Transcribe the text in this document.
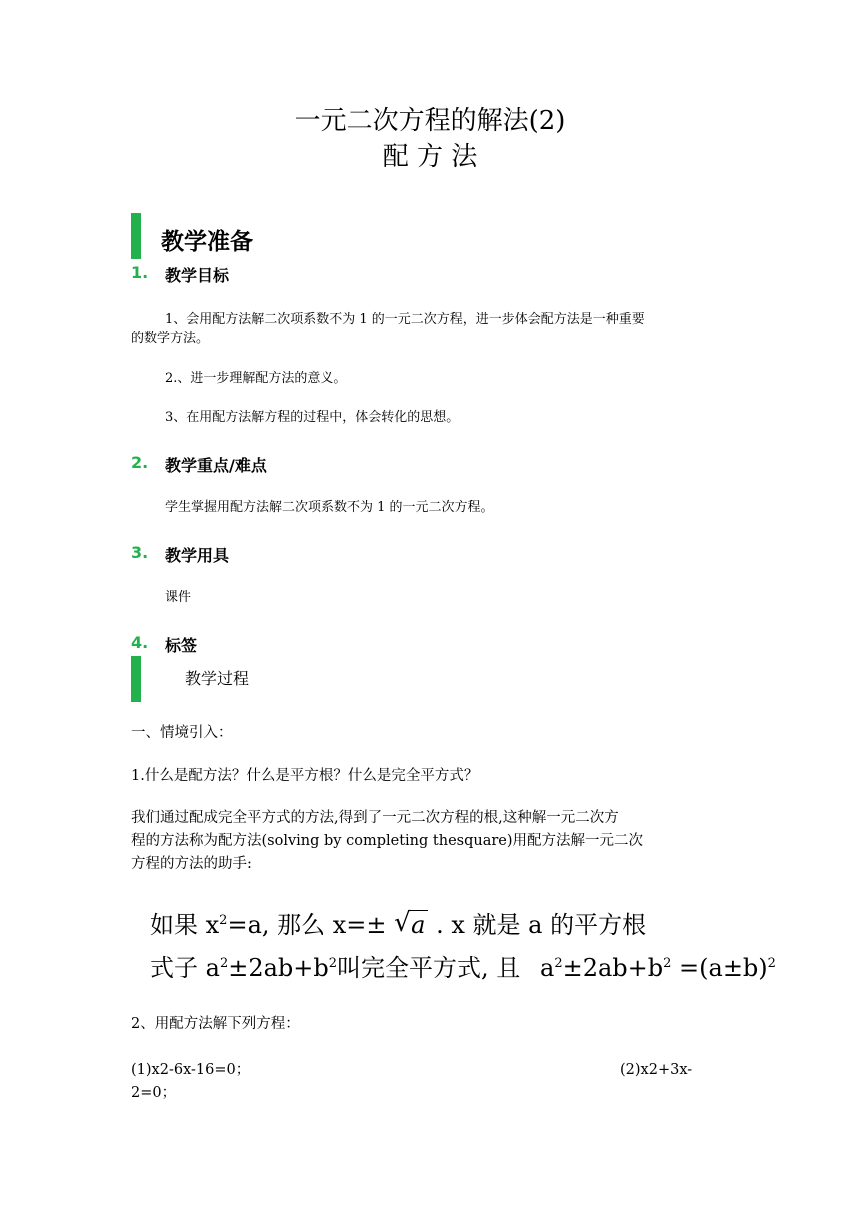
一元二次方程的解法(2)
配 方 法
教学准备
1. 教学目标
1、会用配方法解二次项系数不为 1 的一元二次方程，进一步体会配方法是一种重要
的数学方法。
2.、进一步理解配方法的意义。
3、在用配方法解方程的过程中，体会转化的思想。
2. 教学重点/难点
学生掌握用配方法解二次项系数不为 1 的一元二次方程。
3. 教学用具
课件
4. 标签
教学过程
一、情境引入：
1.什么是配方法？什么是平方根？什么是完全平方式？
我们通过配成完全平方式的方法,得到了一元二次方程的根,这种解一元二次方
程的方法称为配方法(solving by completing thesquare)用配方法解一元二次
方程的方法的助手:
如果 $x^2=a$, 那么 x=± √ a . x 就是 a 的平方根
式子 $a^2\pm 2ab+b^2$叫完全平方式, 且 $a^2\pm 2ab+b^2 =(a\pm b)^2$
2、用配方法解下列方程：
(1)x2-6x-16=0；	(2)x2+3x-
2=0；
